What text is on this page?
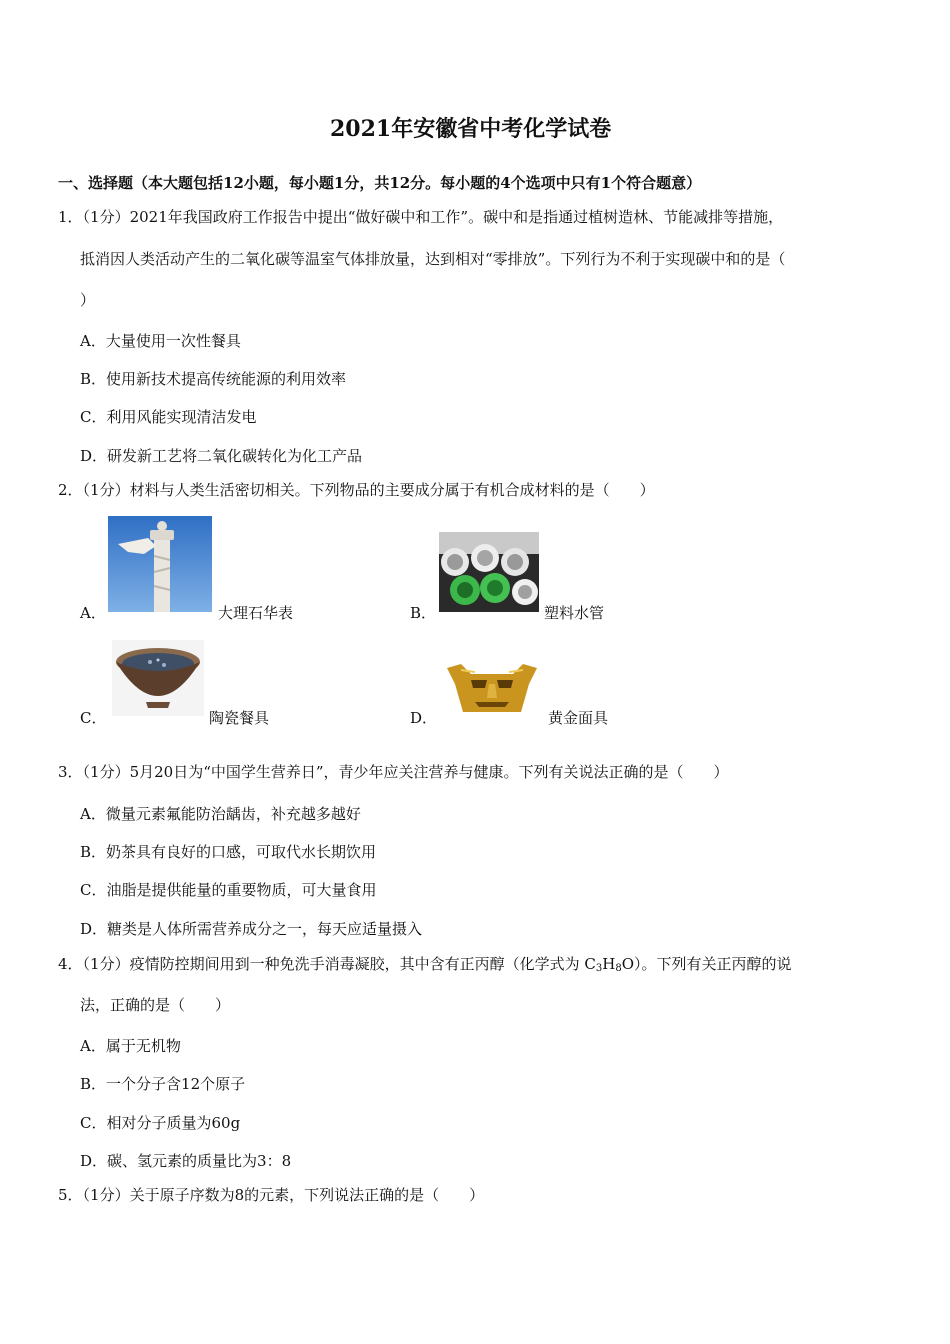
2021年安徽省中考化学试卷
一、选择题（本大题包括12小题，每小题1分，共12分。每小题的4个选项中只有1个符合题意）
1．（1分）2021年我国政府工作报告中提出“做好碳中和工作”。碳中和是指通过植树造林、节能减排等措施，
抵消因人类活动产生的二氧化碳等温室气体排放量，达到相对“零排放”。下列行为不利于实现碳中和的是（
）
A．大量使用一次性餐具
B．使用新技术提高传统能源的利用效率
C．利用风能实现清洁发电
D．研发新工艺将二氧化碳转化为化工产品
2．（1分）材料与人类生活密切相关。下列物品的主要成分属于有机合成材料的是（　　）
A．	大理石华表	B．	塑料水管
C．	陶瓷餐具	D．	黄金面具
3．（1分）5月20日为“中国学生营养日”，青少年应关注营养与健康。下列有关说法正确的是（　　）
A．微量元素氟能防治龋齿，补充越多越好
B．奶茶具有良好的口感，可取代水长期饮用
C．油脂是提供能量的重要物质，可大量食用
D．糖类是人体所需营养成分之一，每天应适量摄入
4．（1分）疫情防控期间用到一种免洗手消毒凝胶，其中含有正丙醇（化学式为 $C_3H_8O$）。下列有关正丙醇的说
法，正确的是（　　）
A．属于无机物
B．一个分子含12个原子
C．相对分子质量为60g
D．碳、氢元素的质量比为3：8
5．（1分）关于原子序数为8的元素，下列说法正确的是（　　）
